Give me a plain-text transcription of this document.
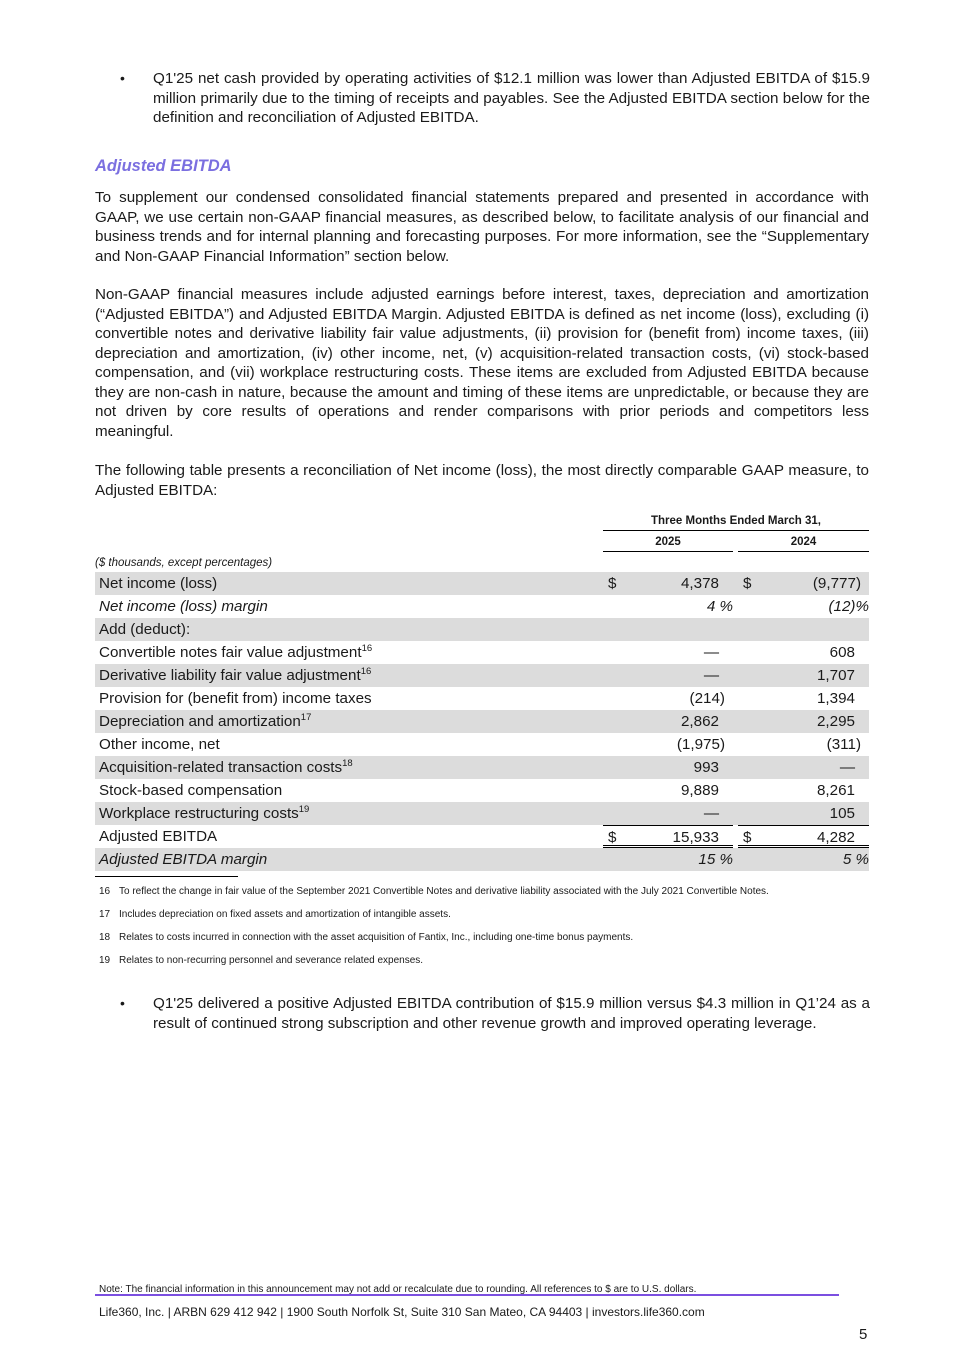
•	Q1'25 net cash provided by operating activities of $12.1 million was lower than Adjusted EBITDA of $15.9 million primarily due to the timing of receipts and payables. See the Adjusted EBITDA section below for the definition and reconciliation of Adjusted EBITDA.
Adjusted EBITDA
To supplement our condensed consolidated financial statements prepared and presented in accordance with GAAP, we use certain non-GAAP financial measures, as described below, to facilitate analysis of our financial and business trends and for internal planning and forecasting purposes. For more information, see the “Supplementary and Non-GAAP Financial Information” section below.
Non-GAAP financial measures include adjusted earnings before interest, taxes, depreciation and amortization (“Adjusted EBITDA”) and Adjusted EBITDA Margin. Adjusted EBITDA is defined as net income (loss), excluding (i) convertible notes and derivative liability fair value adjustments, (ii) provision for (benefit from) income taxes, (iii) depreciation and amortization, (iv) other income, net, (v) acquisition-related transaction costs, (vi) stock-based compensation, and (vii) workplace restructuring costs. These items are excluded from Adjusted EBITDA because they are non-cash in nature, because the amount and timing of these items are unpredictable, or because they are not driven by core results of operations and render comparisons with prior periods and competitors less meaningful.
The following table presents a reconciliation of Net income (loss), the most directly comparable GAAP measure, to Adjusted EBITDA:
Three Months Ended March 31,
2025	2024
($ thousands, except percentages)
Net income (loss)	$	4,378 $	(9,777)
Net income (loss) margin	4 %	(12)%
Add (deduct):
Convertible notes fair value adjustment$^{16}$	—	608
Derivative liability fair value adjustment$^{16}$	—	1,707
Provision for (benefit from) income taxes	(214)	1,394
Depreciation and amortization$^{17}$	2,862	2,295
Other income, net	(1,975)	(311)
Acquisition-related transaction costs$^{18}$	993	—
Stock-based compensation	9,889	8,261
Workplace restructuring costs$^{19}$	—	105
Adjusted EBITDA	$	15,933 $	4,282
Adjusted EBITDA margin	15 %	5 %
16 To reflect the change in fair value of the September 2021 Convertible Notes and derivative liability associated with the July 2021 Convertible Notes.
17 Includes depreciation on fixed assets and amortization of intangible assets.
18 Relates to costs incurred in connection with the asset acquisition of Fantix, Inc., including one-time bonus payments.
19 Relates to non-recurring personnel and severance related expenses.
•	Q1'25 delivered a positive Adjusted EBITDA contribution of $15.9 million versus $4.3 million in Q1’24 as a result of continued strong subscription and other revenue growth and improved operating leverage.
Note: The financial information in this announcement may not add or recalculate due to rounding. All references to $ are to U.S. dollars.
Life360, Inc. | ARBN 629 412 942 | 1900 South Norfolk St, Suite 310 San Mateo, CA 94403 | investors.life360.com
5
